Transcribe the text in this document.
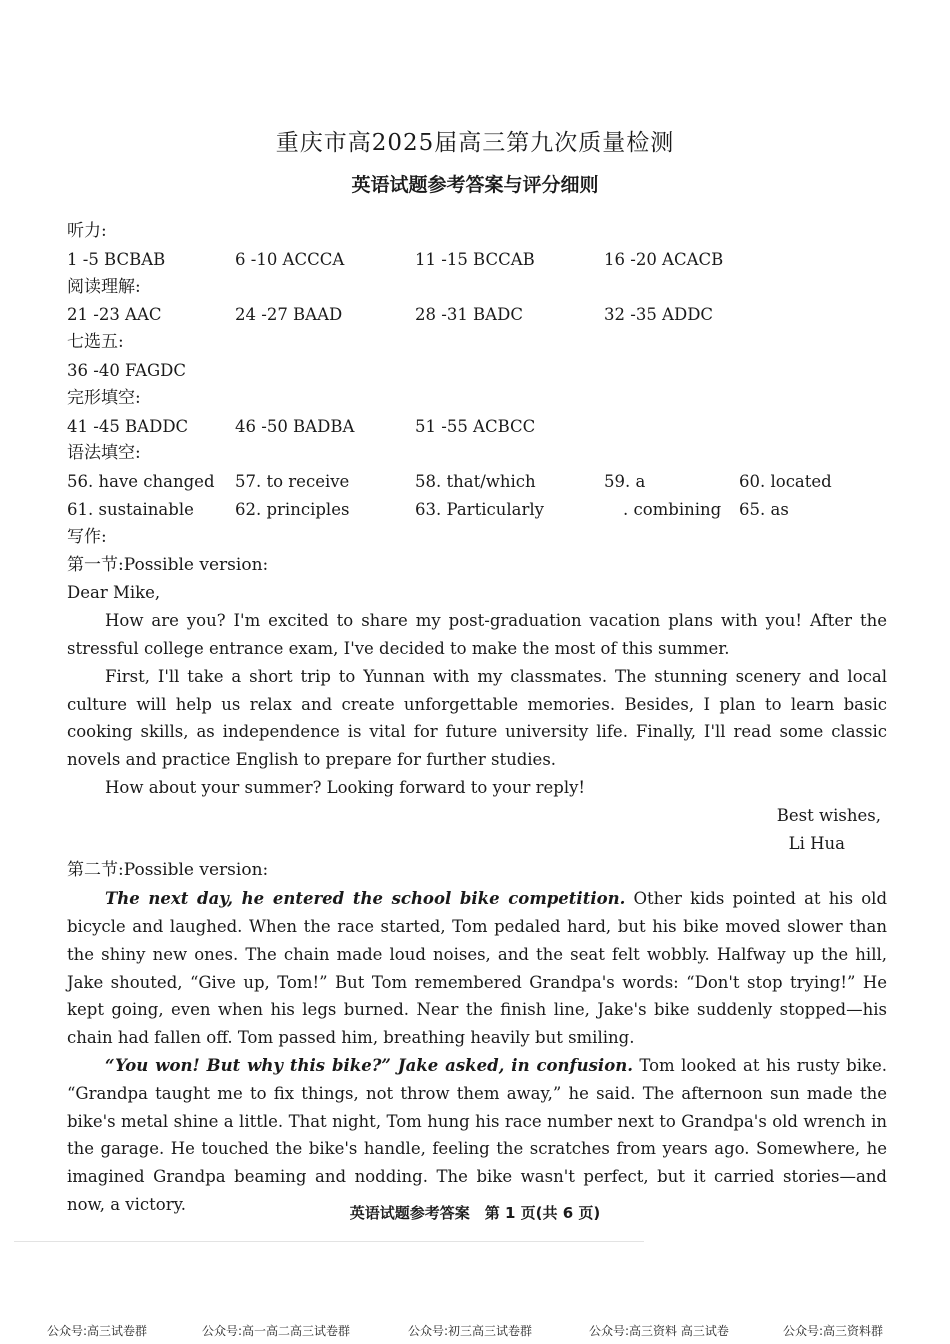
重庆市高2025届高三第九次质量检测
英语试题参考答案与评分细则
听力:
1 -5 BCBAB	6 -10 ACCCA	11 -15 BCCAB	16 -20 ACACB
阅读理解:
21 -23 AAC	24 -27 BAAD	28 -31 BADC	32 -35 ADDC
七选五:
36 -40 FAGDC
完形填空:
41 -45 BADDC	46 -50 BADBA	51 -55 ACBCC
语法填空:
56. have changed 57. to receive	58. that/which	59. a	60. located
61. sustainable 62. principles	63. Particularly	. combining 65. as
写作:
第一节:Possible version:
Dear Mike,
How are you? I'm excited to share my post-graduation vacation plans with you! After the stressful college entrance exam, I've decided to make the most of this summer.
First, I'll take a short trip to Yunnan with my classmates. The stunning scenery and local culture will help us relax and create unforgettable memories. Besides, I plan to learn basic cooking skills, as independence is vital for future university life. Finally, I'll read some classic novels and practice English to prepare for further studies.
How about your summer? Looking forward to your reply!
Best wishes,
Li Hua
第二节:Possible version:
The next day, he entered the school bike competition. Other kids pointed at his old bicycle and laughed. When the race started, Tom pedaled hard, but his bike moved slower than the shiny new ones. The chain made loud noises, and the seat felt wobbly. Halfway up the hill, Jake shouted, “Give up, Tom!” But Tom remembered Grandpa's words: “Don't stop trying!” He kept going, even when his legs burned. Near the finish line, Jake's bike suddenly stopped—his chain had fallen off. Tom passed him, breathing heavily but smiling.
“You won! But why this bike?” Jake asked, in confusion. Tom looked at his rusty bike. “Grandpa taught me to fix things, not throw them away,” he said. The afternoon sun made the bike's metal shine a little. That night, Tom hung his race number next to Grandpa's old wrench in the garage. He touched the bike's handle, feeling the scratches from years ago. Somewhere, he imagined Grandpa beaming and nodding. The bike wasn't perfect, but it carried stories—and now, a victory.	英语试题参考答案　第 1 页(共 6 页)
公众号:高三试卷群	公众号:高一高二高三试卷群	公众号:初三高三试卷群	公众号:高三资料 高三试卷	公众号:高三资料群
